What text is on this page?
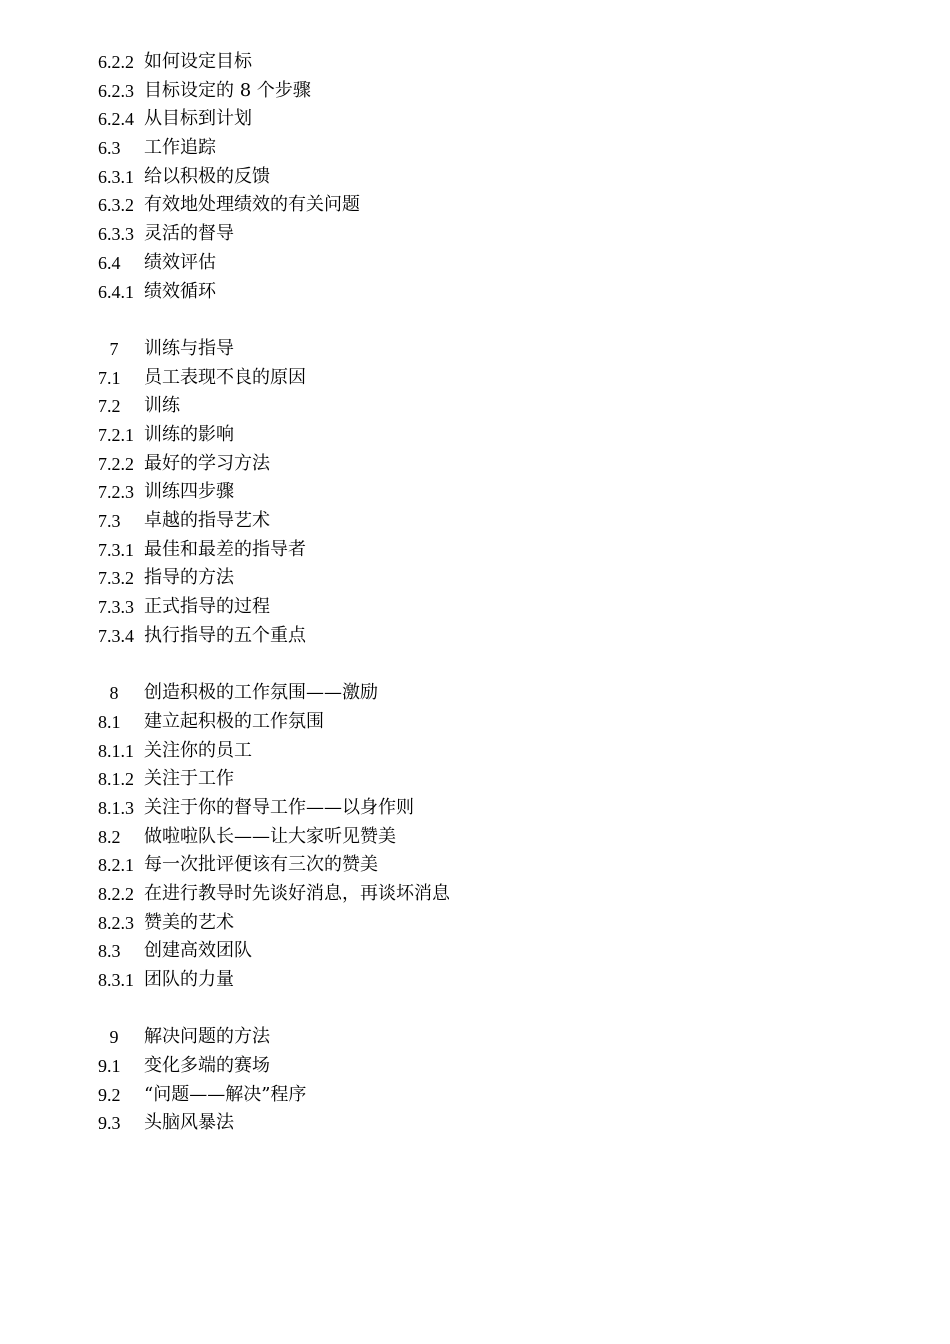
6.2.2 如何设定目标
6.2.3 目标设定的 8 个步骤
6.2.4 从目标到计划
6.3	工作追踪
6.3.1 给以积极的反馈
6.3.2 有效地处理绩效的有关问题
6.3.3 灵活的督导
6.4	绩效评估
6.4.1 绩效循环
7	训练与指导
7.1	员工表现不良的原因
7.2	训练
7.2.1 训练的影响
7.2.2 最好的学习方法
7.2.3 训练四步骤
7.3	卓越的指导艺术
7.3.1 最佳和最差的指导者
7.3.2 指导的方法
7.3.3 正式指导的过程
7.3.4 执行指导的五个重点
8	创造积极的工作氛围——激励
8.1	建立起积极的工作氛围
8.1.1 关注你的员工
8.1.2 关注于工作
8.1.3 关注于你的督导工作——以身作则
8.2	做啦啦队长——让大家听见赞美
8.2.1 每一次批评便该有三次的赞美
8.2.2 在进行教导时先谈好消息，再谈坏消息
8.2.3 赞美的艺术
8.3	创建高效团队
8.3.1 团队的力量
9	解决问题的方法
9.1	变化多端的赛场
9.2	“问题——解决”程序
9.3	头脑风暴法
